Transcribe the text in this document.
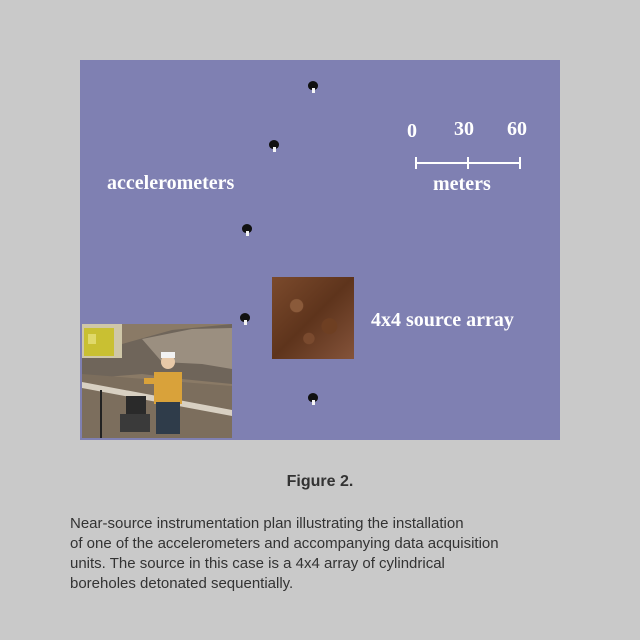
accelerometers
4x4 source array
0 30 60
meters
Figure 2.
Near-source instrumentation plan illustrating the installation
of one of the accelerometers and accompanying data acquisition
units. The source in this case is a 4x4 array of cylindrical
boreholes detonated sequentially.
